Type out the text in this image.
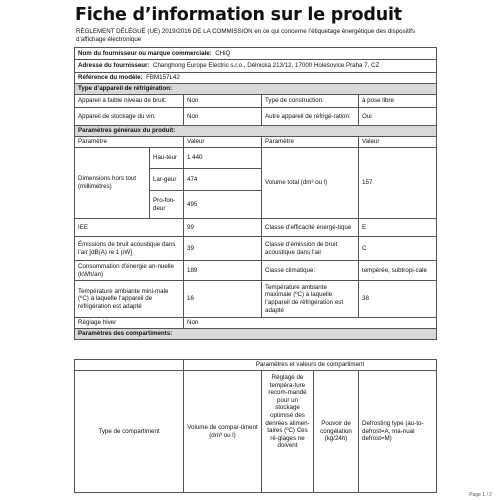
Fiche d’information sur le produit
RÈGLEMENT DÉLÉGUÉ (UE) 2019/2016 DE LA COMMISSION en ce qui concerne l’étiquetage énergétique des dispositifs d’affichage électronique
Nom du fournisseur ou marque commerciale: CHiQ				
Adresse du fournisseur: Changhong Europe Electric s.r.o., Dělnická 213/12, 17000 Holešovice Praha 7, CZ				
Référence du modèle: FBM157L42				
Type d’appareil de réfrigération:				
Appareil à faible niveau de bruit:		Non	Type de construction:	à pose libre
Appareil de stockage du vin:		Non	Autre appareil de réfrigé-ration:	Oui
Paramètres généraux du produit:				
Paramètre		Valeur	Paramètre	Valeur
Dimensions hors tout (millimètres)	Hau-teur	1 440	Volume total (dm³ ou l)	157
	Lar-geur	474		
	Pro-fon-deur	495		
IEE		99	Classe d’efficacité énergé-tique	E
Émissions de bruit acoustique dans l’air [dB(A) re 1 pW]		39	Classe d’émission de bruit acoustique dans l’air	C
Consommation d’énergie an-nuelle (kWh/an)		189	Classe climatique:	tempérée, subtropi-cale
Température ambiante mini-male (ºC) à laquelle l’appareil de réfrigération est adapté		16	Température ambiante maximale (ºC) à laquelle l’appareil de réfrigération est adapté	38
Réglage hiver		Non		
Paramètres des compartiments:				
	Paramètres et valeurs de compartiment			
Type de compartiment	Volume de compar-timent (dm³ ou l)	Réglage de tempéra-ture recom-mandé pour un stockage optimisé des denrées alimen-taires (ºC) Ces ré-glages ne doivent	Pouvoir de congélation (kg/24h)	Defrosting type (au-to-defrost=A, ma-nual defrost=M)
Page 1 / 2
